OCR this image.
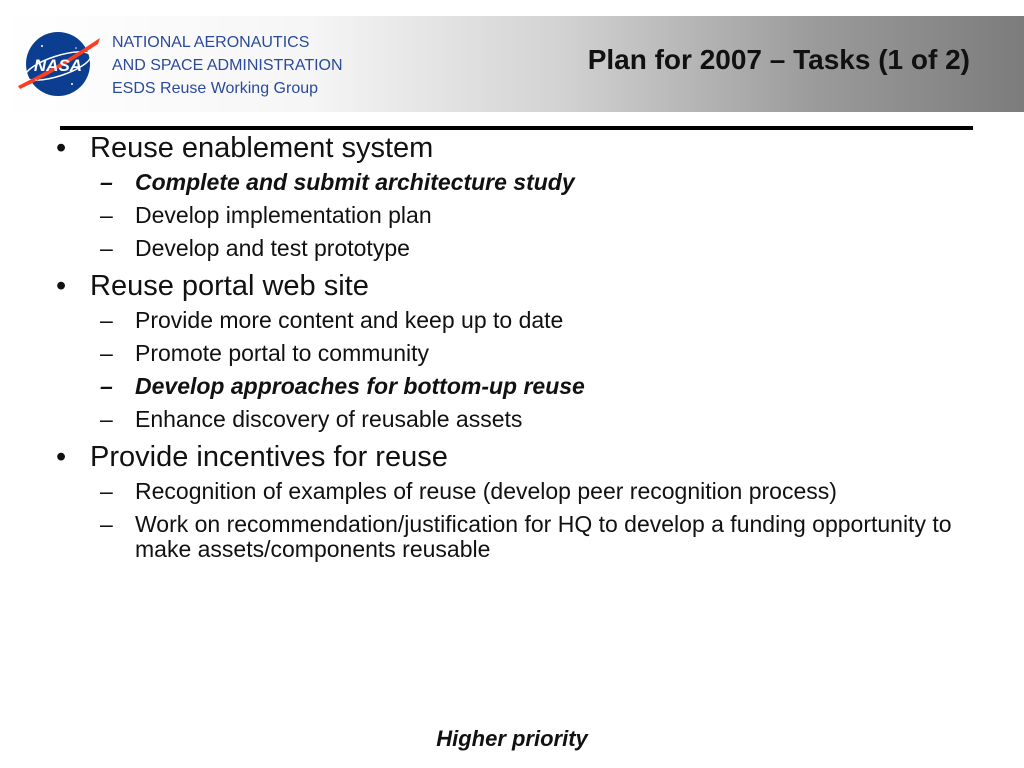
NASA
NATIONAL AERONAUTICS
AND SPACE ADMINISTRATION
ESDS Reuse Working Group
Plan for 2007 – Tasks (1 of 2)
• Reuse enablement system
– Complete and submit architecture study
– Develop implementation plan
– Develop and test prototype
• Reuse portal web site
– Provide more content and keep up to date
– Promote portal to community
– Develop approaches for bottom-up reuse
– Enhance discovery of reusable assets
• Provide incentives for reuse
– Recognition of examples of reuse (develop peer recognition process)
– Work on recommendation/justification for HQ to develop a funding opportunity to make assets/components reusable
Higher priority
